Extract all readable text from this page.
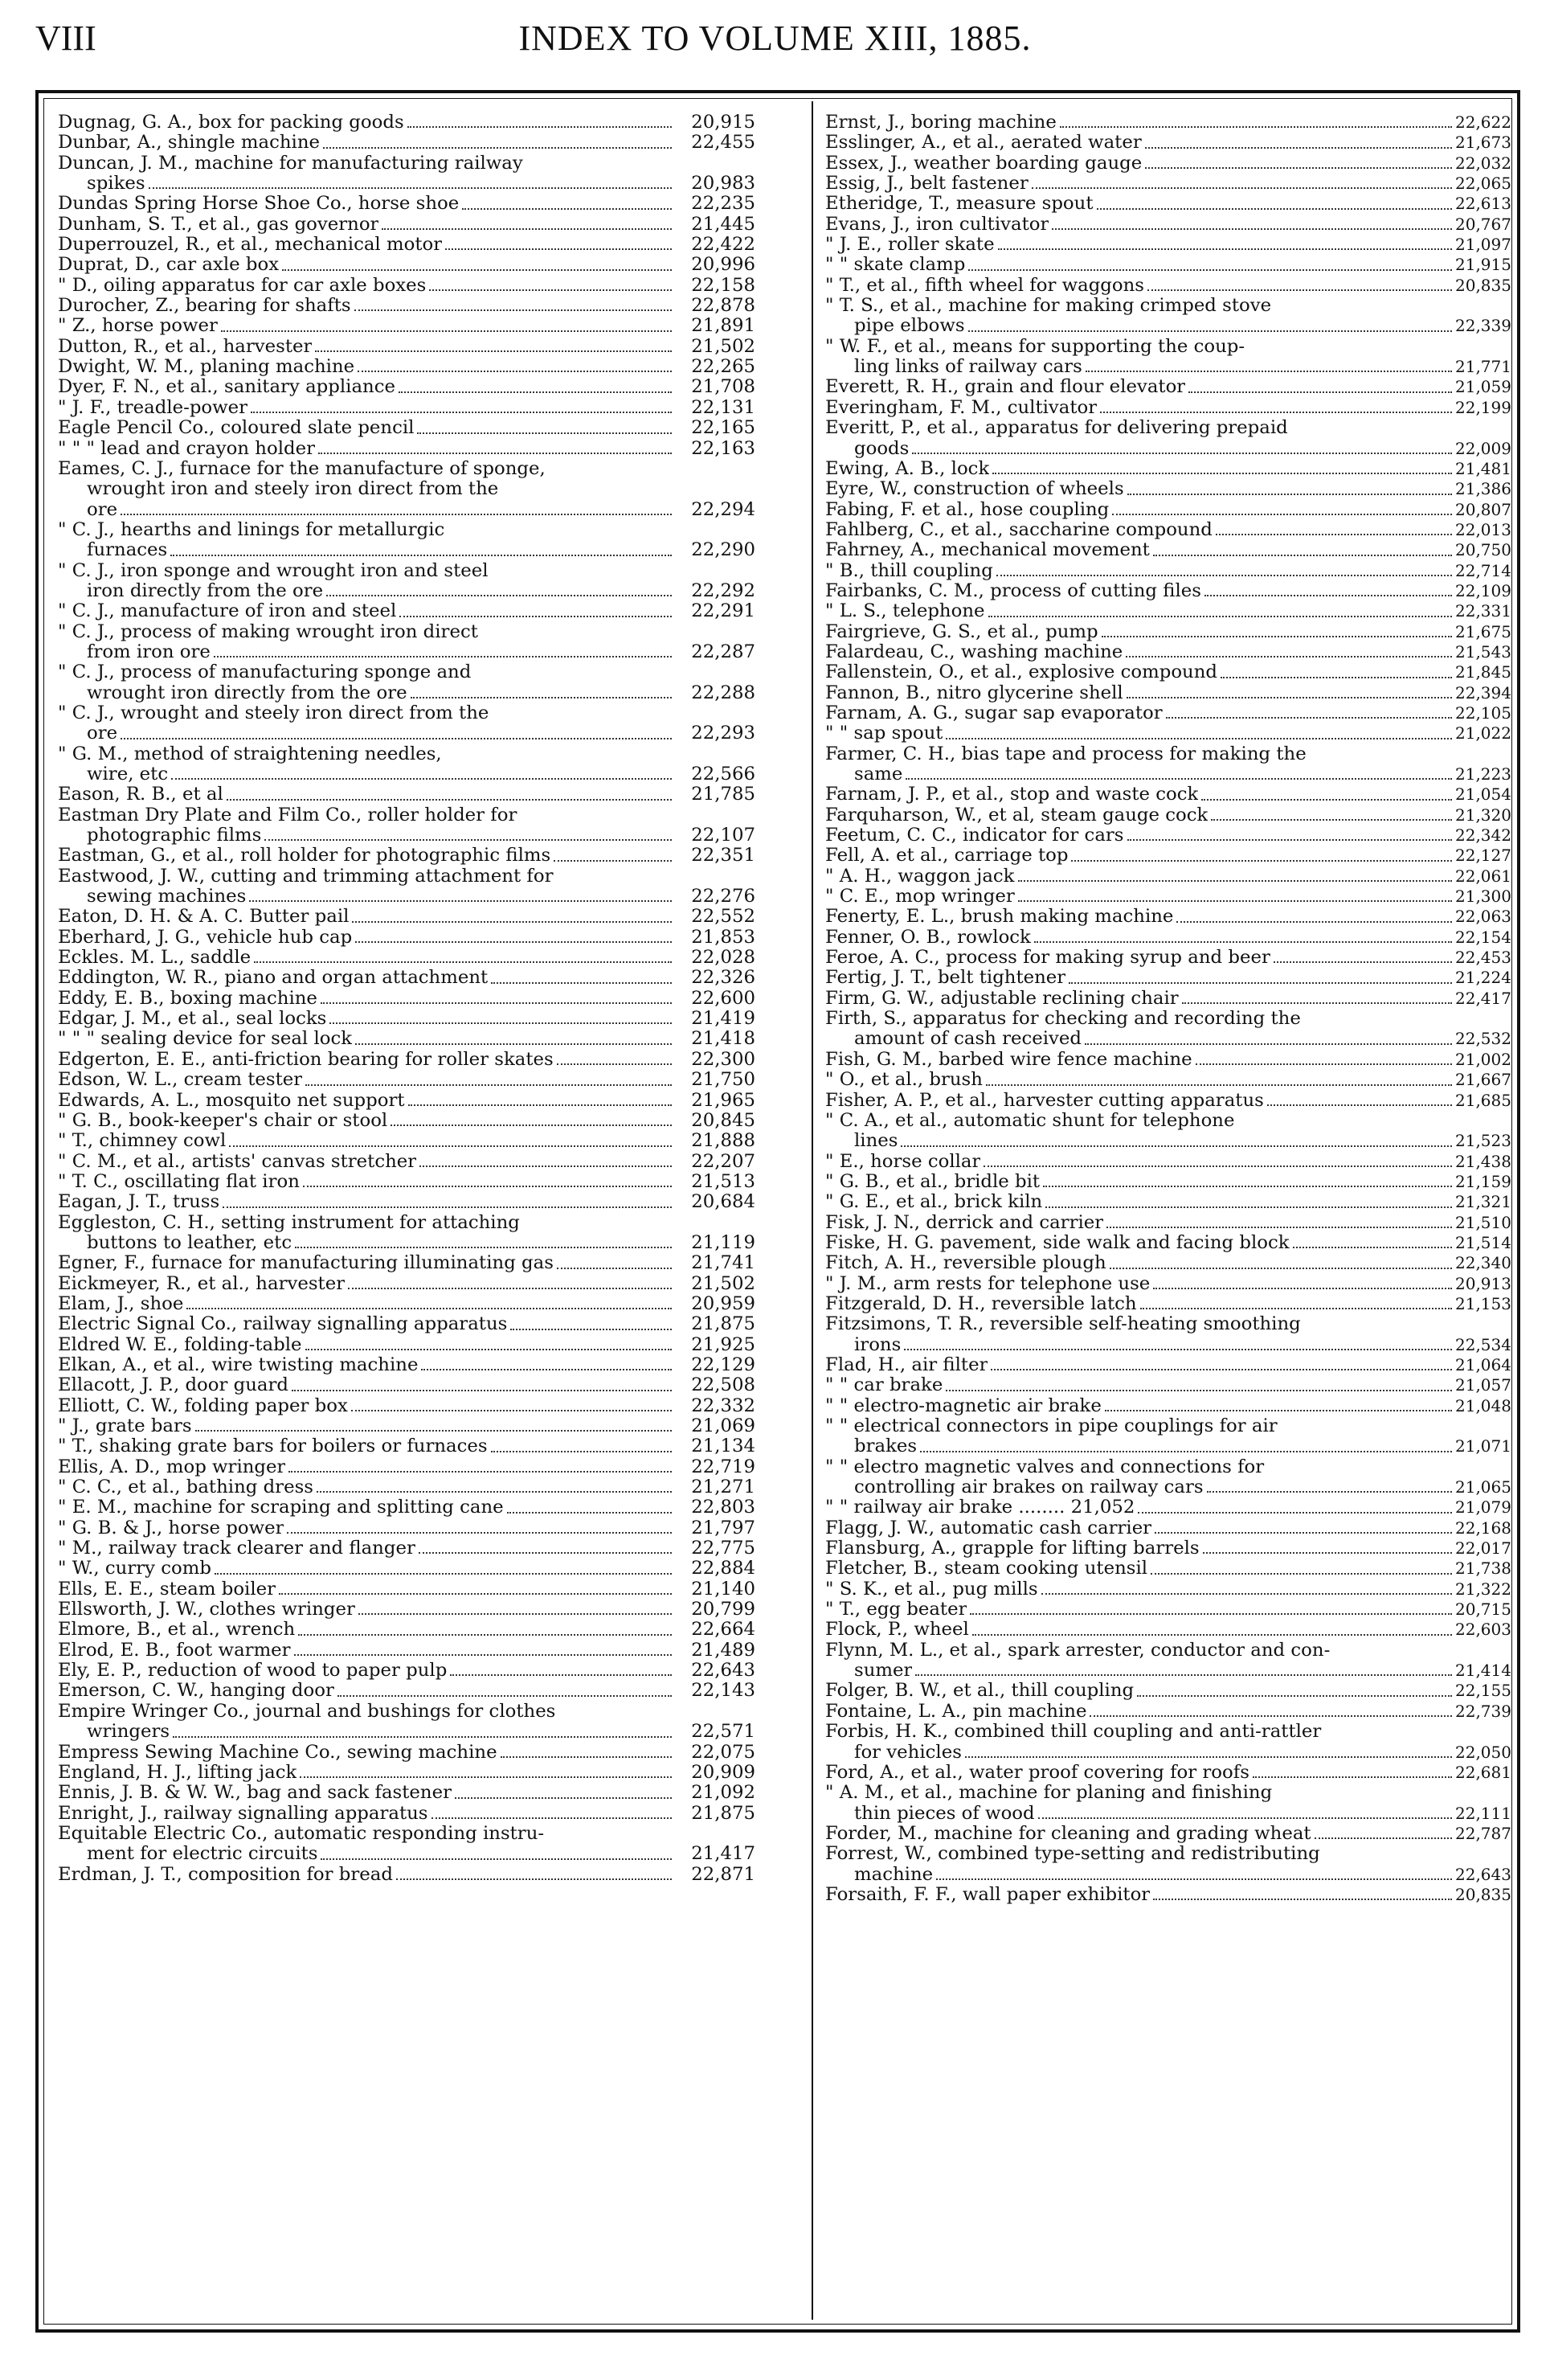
VIII	INDEX TO VOLUME XIII, 1885.
Dugnag, G. A., box for packing goods	20,915
Dunbar, A., shingle machine	22,455
Duncan, J. M., machine for manufacturing railway
spikes	20,983
Dundas Spring Horse Shoe Co., horse shoe	22,235
Dunham, S. T., et al., gas governor	21,445
Duperrouzel, R., et al., mechanical motor	22,422
Duprat, D., car axle box	20,996
" D., oiling apparatus for car axle boxes	22,158
Durocher, Z., bearing for shafts	22,878
" Z., horse power	21,891
Dutton, R., et al., harvester	21,502
Dwight, W. M., planing machine	22,265
Dyer, F. N., et al., sanitary appliance	21,708
" J. F., treadle-power	22,131
Eagle Pencil Co., coloured slate pencil	22,165
" " " lead and crayon holder	22,163
Eames, C. J., furnace for the manufacture of sponge,
wrought iron and steely iron direct from the
ore	22,294
" C. J., hearths and linings for metallurgic
furnaces	22,290
" C. J., iron sponge and wrought iron and steel
iron directly from the ore	22,292
" C. J., manufacture of iron and steel	22,291
" C. J., process of making wrought iron direct
from iron ore	22,287
" C. J., process of manufacturing sponge and
wrought iron directly from the ore	22,288
" C. J., wrought and steely iron direct from the
ore	22,293
" G. M., method of straightening needles,
wire, etc	22,566
Eason, R. B., et al	21,785
Eastman Dry Plate and Film Co., roller holder for
photographic films	22,107
Eastman, G., et al., roll holder for photographic films	22,351
Eastwood, J. W., cutting and trimming attachment for
sewing machines	22,276
Eaton, D. H. & A. C. Butter pail	22,552
Eberhard, J. G., vehicle hub cap	21,853
Eckles. M. L., saddle	22,028
Eddington, W. R., piano and organ attachment	22,326
Eddy, E. B., boxing machine	22,600
Edgar, J. M., et al., seal locks	21,419
" " " sealing device for seal lock	21,418
Edgerton, E. E., anti-friction bearing for roller skates	22,300
Edson, W. L., cream tester	21,750
Edwards, A. L., mosquito net support	21,965
" G. B., book-keeper's chair or stool	20,845
" T., chimney cowl	21,888
" C. M., et al., artists' canvas stretcher	22,207
" T. C., oscillating flat iron	21,513
Eagan, J. T., truss	20,684
Eggleston, C. H., setting instrument for attaching
buttons to leather, etc	21,119
Egner, F., furnace for manufacturing illuminating gas	21,741
Eickmeyer, R., et al., harvester	21,502
Elam, J., shoe	20,959
Electric Signal Co., railway signalling apparatus	21,875
Eldred W. E., folding-table	21,925
Elkan, A., et al., wire twisting machine	22,129
Ellacott, J. P., door guard	22,508
Elliott, C. W., folding paper box	22,332
" J., grate bars	21,069
" T., shaking grate bars for boilers or furnaces	21,134
Ellis, A. D., mop wringer	22,719
" C. C., et al., bathing dress	21,271
" E. M., machine for scraping and splitting cane	22,803
" G. B. & J., horse power	21,797
" M., railway track clearer and flanger	22,775
" W., curry comb	22,884
Ells, E. E., steam boiler	21,140
Ellsworth, J. W., clothes wringer	20,799
Elmore, B., et al., wrench	22,664
Elrod, E. B., foot warmer	21,489
Ely, E. P., reduction of wood to paper pulp	22,643
Emerson, C. W., hanging door	22,143
Empire Wringer Co., journal and bushings for clothes
wringers	22,571
Empress Sewing Machine Co., sewing machine	22,075
England, H. J., lifting jack	20,909
Ennis, J. B. & W. W., bag and sack fastener	21,092
Enright, J., railway signalling apparatus	21,875
Equitable Electric Co., automatic responding instru-
ment for electric circuits	21,417
Erdman, J. T., composition for bread	22,871
Ernst, J., boring machine	22,622
Esslinger, A., et al., aerated water	21,673
Essex, J., weather boarding gauge	22,032
Essig, J., belt fastener	22,065
Etheridge, T., measure spout	22,613
Evans, J., iron cultivator	20,767
" J. E., roller skate	21,097
" " skate clamp	21,915
" T., et al., fifth wheel for waggons	20,835
" T. S., et al., machine for making crimped stove
pipe elbows	22,339
" W. F., et al., means for supporting the coup-
ling links of railway cars	21,771
Everett, R. H., grain and flour elevator	21,059
Everingham, F. M., cultivator	22,199
Everitt, P., et al., apparatus for delivering prepaid
goods	22,009
Ewing, A. B., lock	21,481
Eyre, W., construction of wheels	21,386
Fabing, F. et al., hose coupling	20,807
Fahlberg, C., et al., saccharine compound	22,013
Fahrney, A., mechanical movement	20,750
" B., thill coupling	22,714
Fairbanks, C. M., process of cutting files	22,109
" L. S., telephone	22,331
Fairgrieve, G. S., et al., pump	21,675
Falardeau, C., washing machine	21,543
Fallenstein, O., et al., explosive compound	21,845
Fannon, B., nitro glycerine shell	22,394
Farnam, A. G., sugar sap evaporator	22,105
" " sap spout	21,022
Farmer, C. H., bias tape and process for making the
same	21,223
Farnam, J. P., et al., stop and waste cock	21,054
Farquharson, W., et al, steam gauge cock	21,320
Feetum, C. C., indicator for cars	22,342
Fell, A. et al., carriage top	22,127
" A. H., waggon jack	22,061
" C. E., mop wringer	21,300
Fenerty, E. L., brush making machine	22,063
Fenner, O. B., rowlock	22,154
Feroe, A. C., process for making syrup and beer	22,453
Fertig, J. T., belt tightener	21,224
Firm, G. W., adjustable reclining chair	22,417
Firth, S., apparatus for checking and recording the
amount of cash received	22,532
Fish, G. M., barbed wire fence machine	21,002
" O., et al., brush	21,667
Fisher, A. P., et al., harvester cutting apparatus	21,685
" C. A., et al., automatic shunt for telephone
lines	21,523
" E., horse collar	21,438
" G. B., et al., bridle bit	21,159
" G. E., et al., brick kiln	21,321
Fisk, J. N., derrick and carrier	21,510
Fiske, H. G. pavement, side walk and facing block	21,514
Fitch, A. H., reversible plough	22,340
" J. M., arm rests for telephone use	20,913
Fitzgerald, D. H., reversible latch	21,153
Fitzsimons, T. R., reversible self-heating smoothing
irons	22,534
Flad, H., air filter	21,064
" " car brake	21,057
" " electro-magnetic air brake	21,048
" " electrical connectors in pipe couplings for air
brakes	21,071
" " electro magnetic valves and connections for
controlling air brakes on railway cars	21,065
" " railway air brake ........ 21,052	21,079
Flagg, J. W., automatic cash carrier	22,168
Flansburg, A., grapple for lifting barrels	22,017
Fletcher, B., steam cooking utensil	21,738
" S. K., et al., pug mills	21,322
" T., egg beater	20,715
Flock, P., wheel	22,603
Flynn, M. L., et al., spark arrester, conductor and con-
sumer	21,414
Folger, B. W., et al., thill coupling	22,155
Fontaine, L. A., pin machine	22,739
Forbis, H. K., combined thill coupling and anti-rattler
for vehicles	22,050
Ford, A., et al., water proof covering for roofs	22,681
" A. M., et al., machine for planing and finishing
thin pieces of wood	22,111
Forder, M., machine for cleaning and grading wheat	22,787
Forrest, W., combined type-setting and redistributing
machine	22,643
Forsaith, F. F., wall paper exhibitor	20,835
